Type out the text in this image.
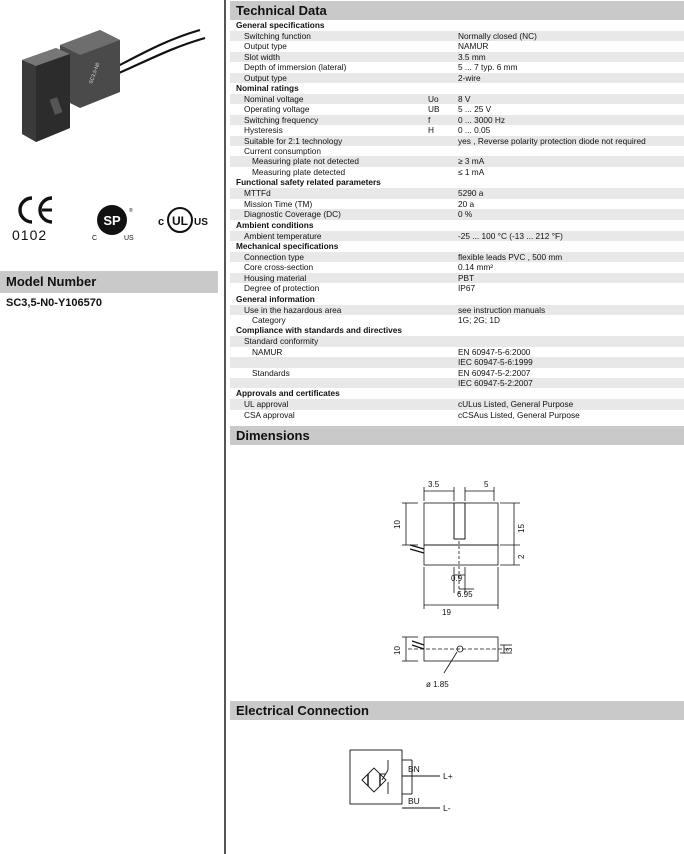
SC3,5-N0
0102
SP
®
C	US
c UL US
Model Number
SC3,5-N0-Y106570
Technical Data
General specifications		
Switching function		Normally closed (NC)
Output type		NAMUR
Slot width		3.5 mm
Depth of immersion (lateral)		5 ... 7 typ. 6 mm
Output type		2-wire
Nominal ratings		
Nominal voltage	Uo	8 V
Operating voltage	UB	5 ... 25 V
Switching frequency	f	0 ... 3000 Hz
Hysteresis	H	0 ... 0.05
Suitable for 2:1 technology		yes , Reverse polarity protection diode not required
Current consumption		
Measuring plate not detected		≥ 3 mA
Measuring plate detected		≤ 1 mA
Functional safety related parameters		
MTTFd		5290 a
Mission Time (TM)		20 a
Diagnostic Coverage (DC)		0 %
Ambient conditions		
Ambient temperature		-25 ... 100 °C (-13 ... 212 °F)
Mechanical specifications		
Connection type		flexible leads PVC , 500 mm
Core cross-section		0.14 mm²
Housing material		PBT
Degree of protection		IP67
General information		
Use in the hazardous area		see instruction manuals
Category		1G; 2G; 1D
Compliance with standards and directives		
Standard conformity		
NAMUR		EN 60947-5-6:2000
		IEC 60947-5-6:1999
Standards		EN 60947-5-2:2007
		IEC 60947-5-2:2007
Approvals and certificates		
UL approval		cULus Listed, General Purpose
CSA approval		cCSAus Listed, General Purpose
Dimensions
3.5	5
10	15
2
0.9
6.95
19
10	3
ø 1.85
Electrical Connection
BN
BU
L+
L-
